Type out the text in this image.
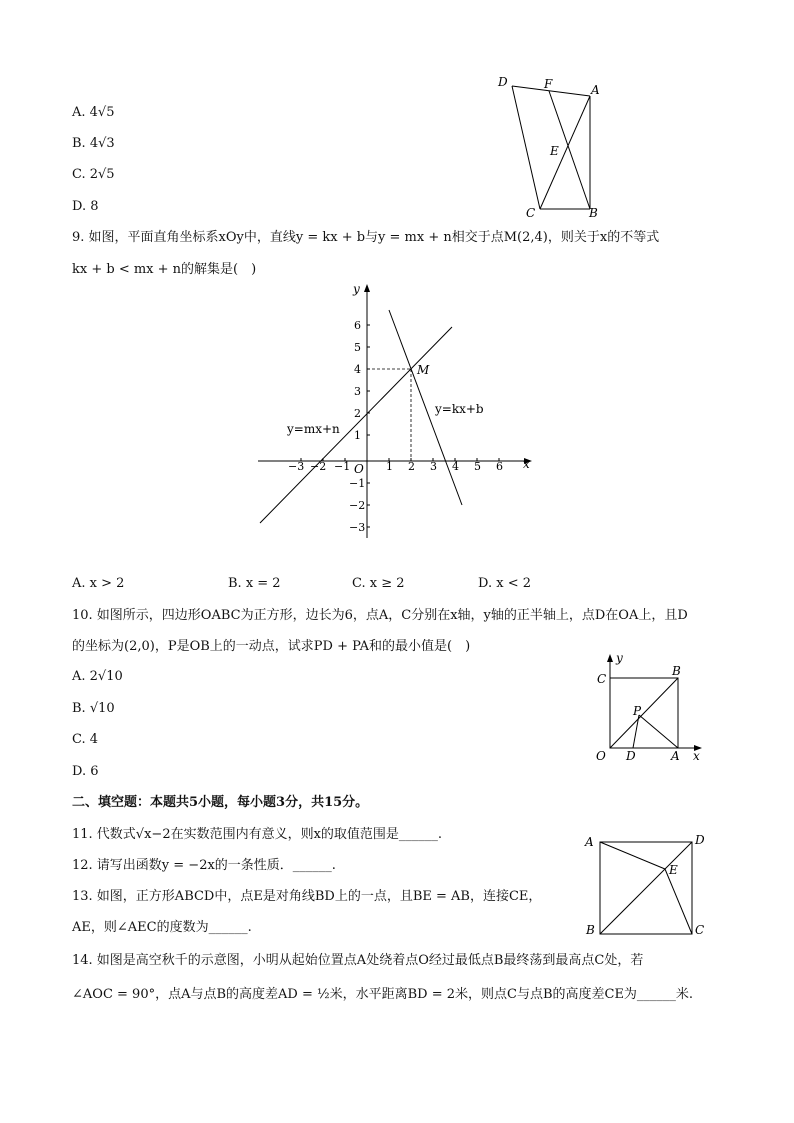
A. 4√5
B. 4√3
C. 2√5
D. 8
D	F	A
E
C	B
9. 如图，平面直角坐标系xOy中，直线y = kx + b与y = mx + n相交于点M(2,4)，则关于x的不等式
kx + b < mx + n的解集是(　)
y
x
O
−3 −2 −1	1 2 3 4 5 6
6
5
4
3
2
1
−1
−2
−3
M
y=kx+b
y=mx+n
A. x > 2	B. x = 2	C. x ≥ 2	D. x < 2
10. 如图所示，四边形OABC为正方形，边长为6，点A，C分别在x轴，y轴的正半轴上，点D在OA上，且D
的坐标为(2,0)，P是OB上的一动点，试求PD + PA和的最小值是(　)
A. 2√10
B. √10
C. 4
D. 6
y
C
B
P
O D	A x
二、填空题：本题共5小题，每小题3分，共15分。
11. 代数式√x−2在实数范围内有意义，则x的取值范围是______.
12. 请写出函数y = −2x的一条性质．______.
13. 如图，正方形ABCD中，点E是对角线BD上的一点，且BE = AB，连接CE，
AE，则∠AEC的度数为______.
A	D
E
B	C
14. 如图是高空秋千的示意图，小明从起始位置点A处绕着点O经过最低点B最终荡到最高点C处，若
∠AOC = 90°，点A与点B的高度差AD = ½米，水平距离BD = 2米，则点C与点B的高度差CE为______米.
